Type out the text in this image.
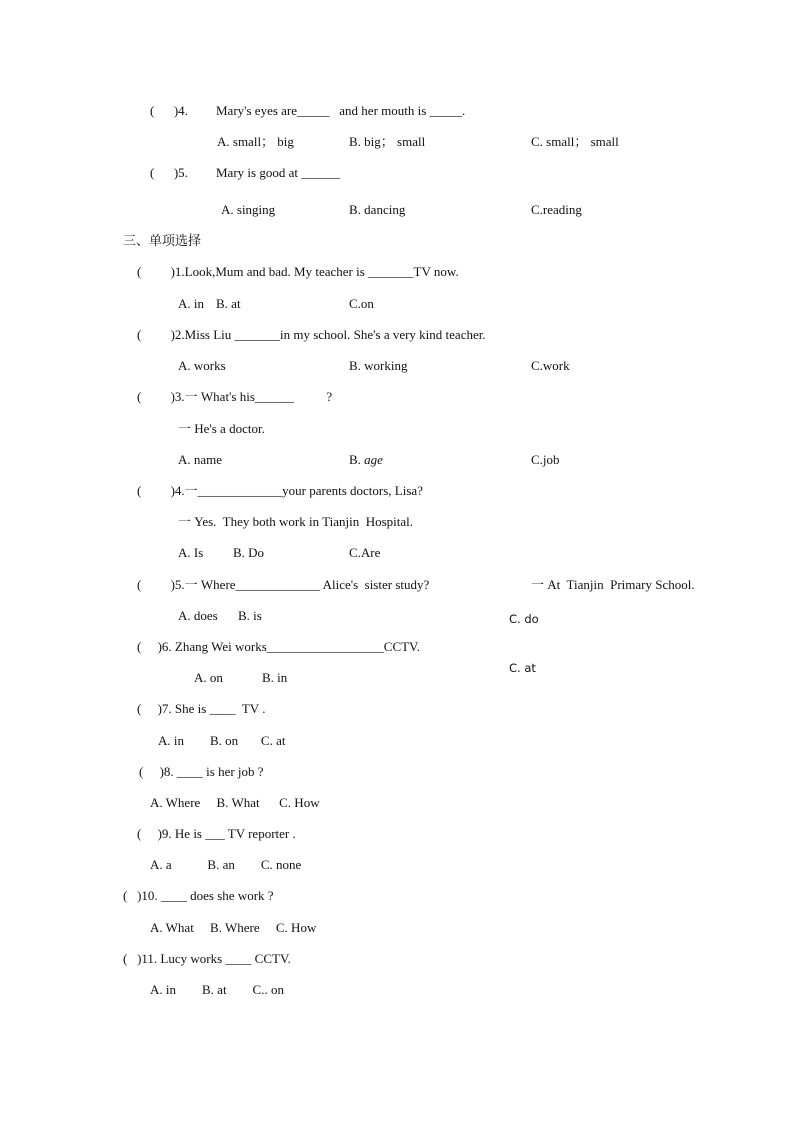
(      )4. Mary's eyes are_____   and her mouth is _____.
A. small； big	B. big； small	C. small； small
(      )5. Mary is good at ______
A. singing	B. dancing	C.reading
三、单项选择
(         )1.Look,Mum and bad. My teacher is _______TV now.
A. in B. at	C.on
(         )2.Miss Liu _______in my school. She's a very kind teacher.
A. works	B. working	C.work
(         )3.一 What's his______          ?
一 He's a doctor.
A. name	B. age	C.job
(         )4.一_____________your parents doctors, Lisa?
一 Yes.  They both work in Tianjin  Hospital.
A. Is B. Do	C.Are
(         )5.一 Where_____________ Alice's  sister study?	一 At  Tianjin  Primary School.
A. does B. is	C. do
(     )6. Zhang Wei works__________________CCTV.
A. on	B. in
C. at
(     )7. She is ____  TV .
A. in        B. on       C. at
(     )8. ____ is her job ?
A. Where     B. What      C. How
(     )9. He is ___ TV reporter .
A. a           B. an        C. none
(   )10. ____ does she work ?
A. What     B. Where     C. How
(   )11. Lucy works ____ CCTV.
A. in        B. at        C.. on
